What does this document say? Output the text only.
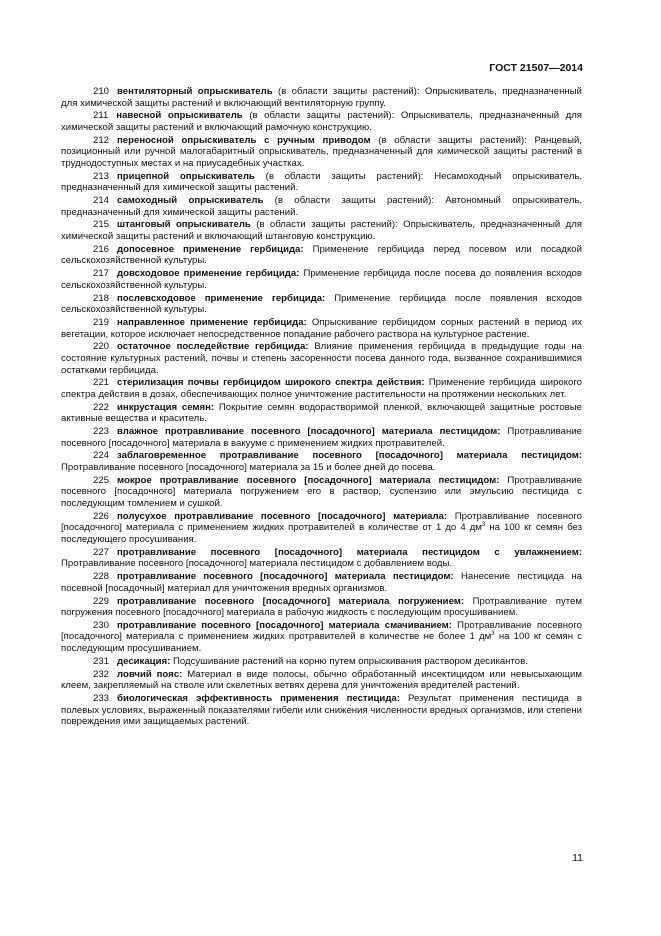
ГОСТ 21507—2014

210 вентиляторный опрыскиватель (в области защиты растений): Опрыскиватель, предназначенный для химической защиты растений и включающий вентиляторную группу.

211 навесной опрыскиватель (в области защиты растений): Опрыскиватель, предназначенный для химической защиты растений и включающий рамочную конструкцию.

212 переносной опрыскиватель с ручным приводом (в области защиты растений): Ранцевый, позиционный или ручной малогабаритный опрыскиватель, предназначенный для химической защиты растений в труднодоступных местах и на приусадебных участках.

213 прицепной опрыскиватель (в области защиты растений): Несамоходный опрыскиватель, предназначенный для химической защиты растений.

214 самоходный опрыскиватель (в области защиты растений): Автономный опрыскиватель, предназначенный для химической защиты растений.

215 штанговый опрыскиватель (в области защиты растений): Опрыскиватель, предназначенный для химической защиты растений и включающий штанговую конструкцию.

216 допосевное применение гербицида: Применение гербицида перед посевом или посадкой сельскохозяйственной культуры.

217 довсходовое применение гербицида: Применение гербицида после посева до появления всходов сельскохозяйственной культуры.

218 послевсходовое применение гербицида: Применение гербицида после появления всходов сельскохозяйственной культуры.

219 направленное применение гербицида: Опрыскивание гербицидом сорных растений в период их вегетации, которое исключает непосредственное попадание рабочего раствора на культурное растение.

220 остаточное последействие гербицида: Влияние применения гербицида в предыдущие годы на состояние культурных растений, почвы и степень засоренности посева данного года, вызванное сохранившимися остатками гербицида.

221 стерилизация почвы гербицидом широкого спектра действия: Применение гербицида широкого спектра действия в дозах, обеспечивающих полное уничтожение растительности на протяжении нескольких лет.

222 инкрустация семян: Покрытие семян водорастворимой пленкой, включающей защитные ростовые активные вещества и краситель.

223 влажное протравливание посевного [посадочного] материала пестицидом: Протравливание посевного [посадочного] материала в вакууме с применением жидких протравителей.

224 заблаговременное протравливание посевного [посадочного] материала пестицидом: Протравливание посевного [посадочного] материала за 15 и более дней до посева.

225 мокрое протравливание посевного [посадочного] материала пестицидом: Протравливание посевного [посадочного] материала погружением его в раствор, суспензию или эмульсию пестицида с последующим томлением и сушкой.

226 полусухое протравливание посевного [посадочного] материала: Протравливание посевного [посадочного] материала с применением жидких протравителей в количестве от 1 до 4 $дм^3$ на 100 кг семян без последующего просушивания.

227 протравливание посевного [посадочного] материала пестицидом с увлажнением: Протравливание посевного [посадочного] материала пестицидом с добавлением воды.

228 протравливание посевного [посадочного] материала пестицидом: Нанесение пестицида на посевной [посадочный] материал для уничтожения вредных организмов.

229 протравливание посевного [посадочного] материала погружением: Протравливание путем погружения посевного [посадочного] материала в рабочую жидкость с последующим просушиванием.

230 протравливание посевного [посадочного] материала смачиванием: Протравливание посевного [посадочного] материала с применением жидких протравителей в количестве не более 1 $дм^3$ на 100 кг семян с последующим просушиванием.

231 десикация: Подсушивание растений на корню путем опрыскивания раствором десикантов.

232 ловчий пояс: Материал в виде полосы, обычно обработанный инсектицидом или невысыхающим клеем, закрепляемый на стволе или скелетных ветвях дерева для уничтожения вредителей растений.

233 биологическая эффективность применения пестицида: Результат применения пестицида в полевых условиях, выраженный показателями гибели или снижения численности вредных организмов, или степени повреждения ими защищаемых растений.

11
